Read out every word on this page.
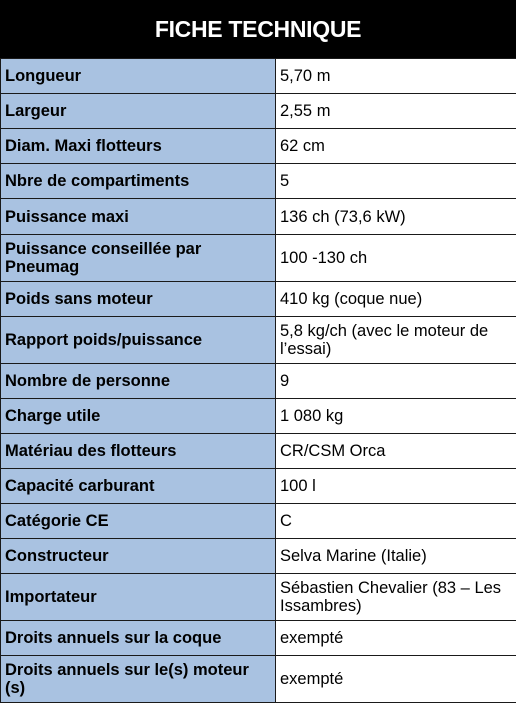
FICHE TECHNIQUE
Longueur	5,70 m
Largeur	2,55 m
Diam. Maxi flotteurs	62 cm
Nbre de compartiments	5
Puissance maxi	136 ch (73,6 kW)
Puissance conseillée par Pneumag	100 -130 ch
Poids sans moteur	410 kg (coque nue)
Rapport poids/puissance	5,8 kg/ch (avec le moteur de l’essai)
Nombre de personne	9
Charge utile	1 080 kg
Matériau des flotteurs	CR/CSM Orca
Capacité carburant	100 l
Catégorie CE	C
Constructeur	Selva Marine (Italie)
Importateur	Sébastien Chevalier (83 – Les Issambres)
Droits annuels sur la coque	exempté
Droits annuels sur le(s) moteur (s)	exempté
